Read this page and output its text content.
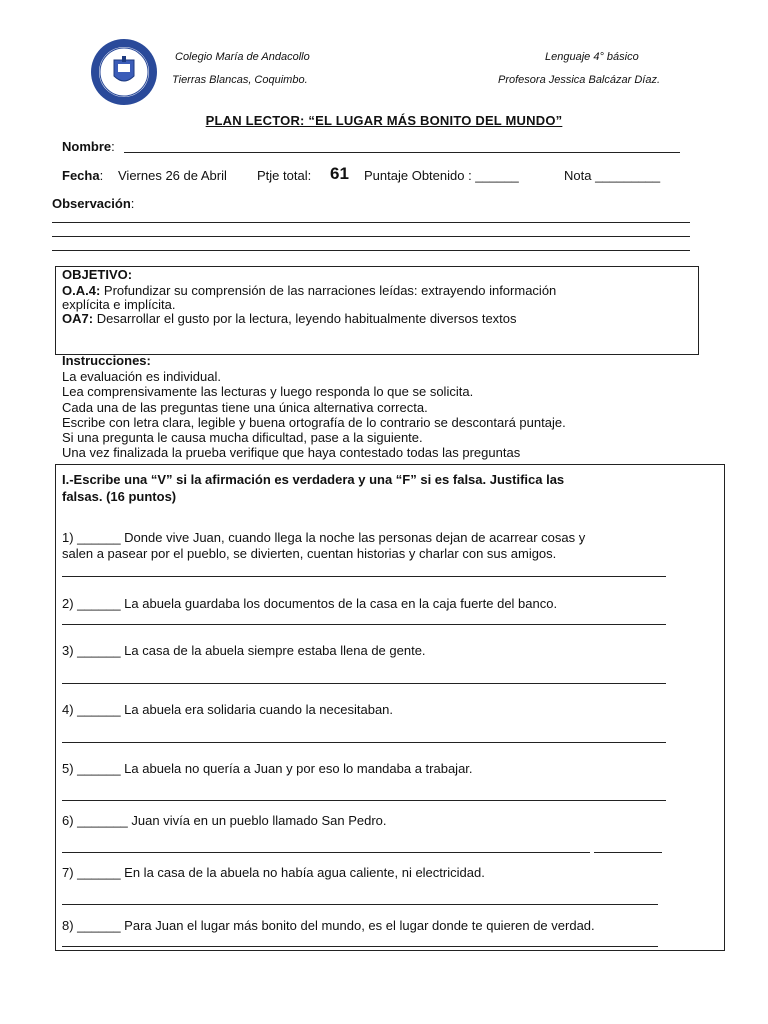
Colegio María de Andacollo
Tierras Blancas, Coquimbo.
Lenguaje 4° básico
Profesora Jessica Balcázar Díaz.
PLAN LECTOR: “EL LUGAR MÁS BONITO DEL MUNDO”
Nombre:
Fecha: Viernes 26 de Abril Ptje total: 61 Puntaje Obtenido : ______	Nota _________
Observación:
OBJETIVO:
O.A.4: Profundizar su comprensión de las narraciones leídas: extrayendo información
explícita e implícita.
OA7: Desarrollar el gusto por la lectura, leyendo habitualmente diversos textos
Instrucciones:
La evaluación es individual.
Lea comprensivamente las lecturas y luego responda lo que se solicita.
Cada una de las preguntas tiene una única alternativa correcta.
Escribe con letra clara, legible y buena ortografía de lo contrario se descontará puntaje.
Si una pregunta le causa mucha dificultad, pase a la siguiente.
Una vez finalizada la prueba verifique que haya contestado todas las preguntas
I.-Escribe una “V” si la afirmación es verdadera y una “F” si es falsa. Justifica las
falsas. (16 puntos)
1) ______ Donde vive Juan, cuando llega la noche las personas dejan de acarrear cosas y
salen a pasear por el pueblo, se divierten, cuentan historias y charlar con sus amigos.
2) ______ La abuela guardaba los documentos de la casa en la caja fuerte del banco.
3) ______ La casa de la abuela siempre estaba llena de gente.
4) ______ La abuela era solidaria cuando la necesitaban.
5) ______ La abuela no quería a Juan y por eso lo mandaba a trabajar.
6) _______ Juan vivía en un pueblo llamado San Pedro.
7) ______ En la casa de la abuela no había agua caliente, ni electricidad.
8) ______ Para Juan el lugar más bonito del mundo, es el lugar donde te quieren de verdad.
